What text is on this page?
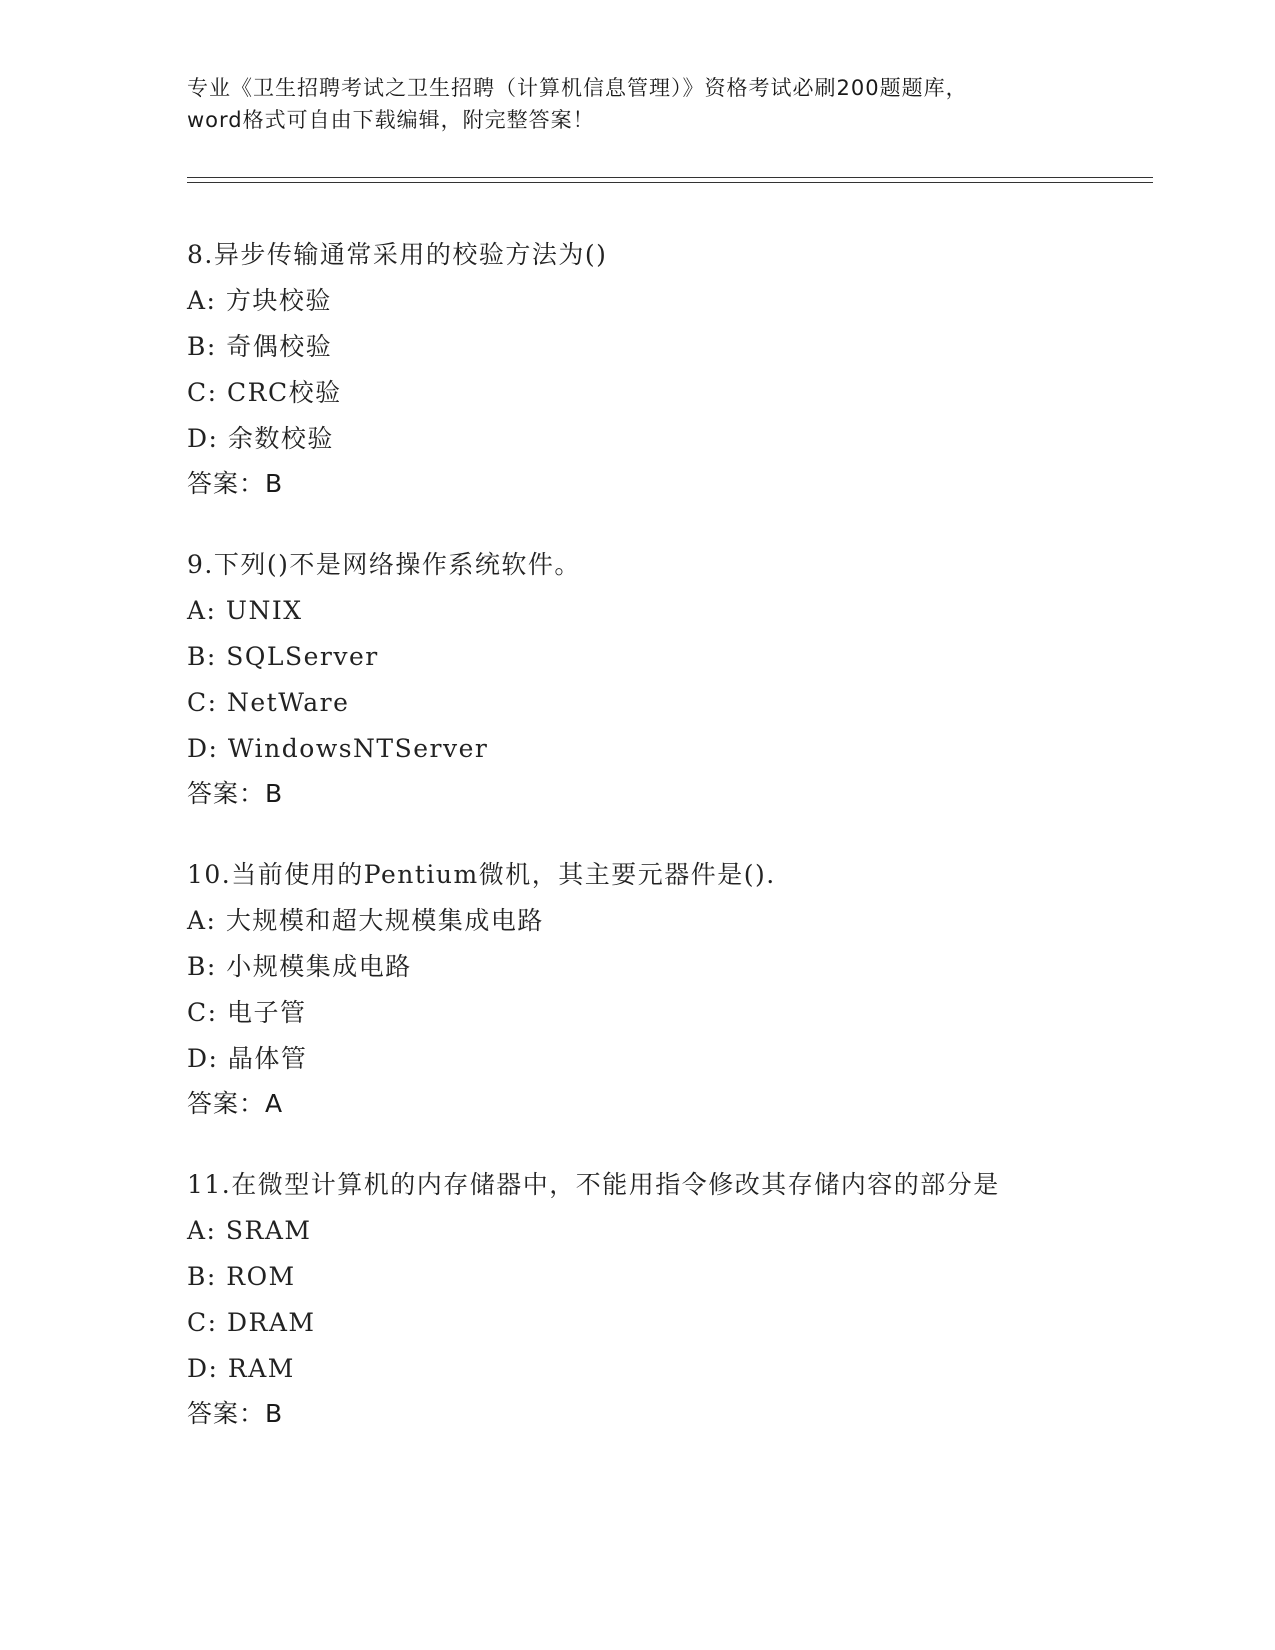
专业《卫生招聘考试之卫生招聘（计算机信息管理）》资格考试必刷200题题库，
word格式可自由下载编辑，附完整答案！
8.异步传输通常采用的校验方法为()
A: 方块校验
B: 奇偶校验
C: CRC校验
D: 余数校验
答案：B
9.下列()不是网络操作系统软件。
A: UNIX
B: SQLServer
C: NetWare
D: WindowsNTServer
答案：B
10.当前使用的Pentium微机，其主要元器件是().
A: 大规模和超大规模集成电路
B: 小规模集成电路
C: 电子管
D: 晶体管
答案：A
11.在微型计算机的内存储器中，不能用指令修改其存储内容的部分是
A: SRAM
B: ROM
C: DRAM
D: RAM
答案：B
